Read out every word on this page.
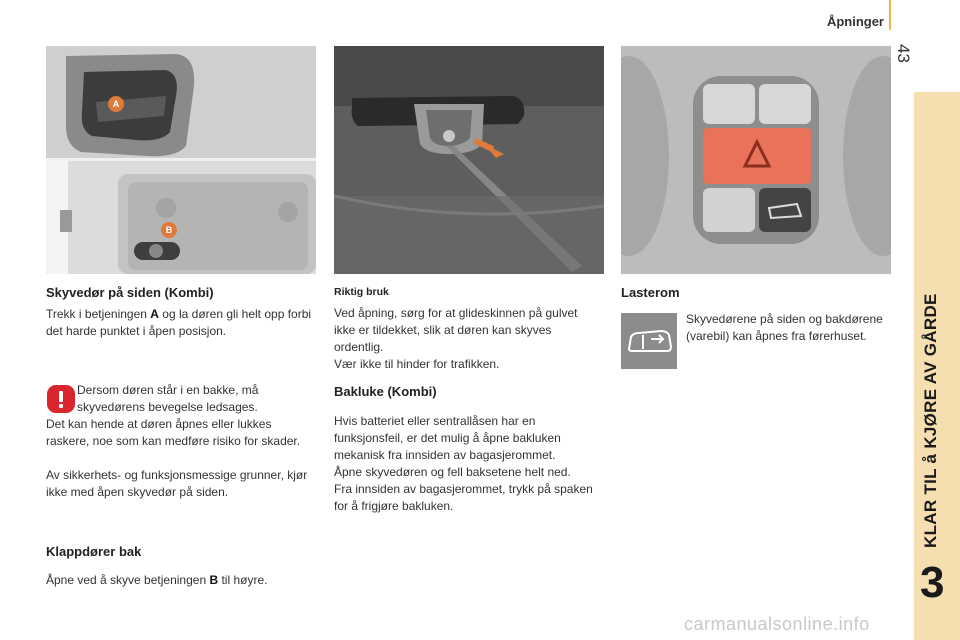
Åpninger
43
KLAR TIL å KJØRE AV GÅRDE
3
A
B
Skyvedør på siden (Kombi)
Trekk i betjeningen A og la døren gli helt opp forbi det harde punktet i åpen posisjon.
Dersom døren står i en bakke, må
skyvedørens bevegelse ledsages.
Det kan hende at døren åpnes eller lukkes raskere, noe som kan medføre risiko for skader.
Av sikkerhets- og funksjonsmessige grunner, kjør ikke med åpen skyvedør på siden.
Klappdører bak
Åpne ved å skyve betjeningen B til høyre.
Riktig bruk
Ved åpning, sørg for at glideskinnen på gulvet ikke er tildekket, slik at døren kan skyves ordentlig.
Vær ikke til hinder for trafikken.
Bakluke (Kombi)
Hvis batteriet eller sentrallåsen har en funksjonsfeil, er det mulig å åpne bakluken mekanisk fra innsiden av bagasjerommet.
Åpne skyvedøren og fell baksetene helt ned.
Fra innsiden av bagasjerommet, trykk på spaken for å frigjøre bakluken.
Lasterom
Skyvedørene på siden og bakdørene (varebil) kan åpnes fra førerhuset.
carmanualsonline.info
